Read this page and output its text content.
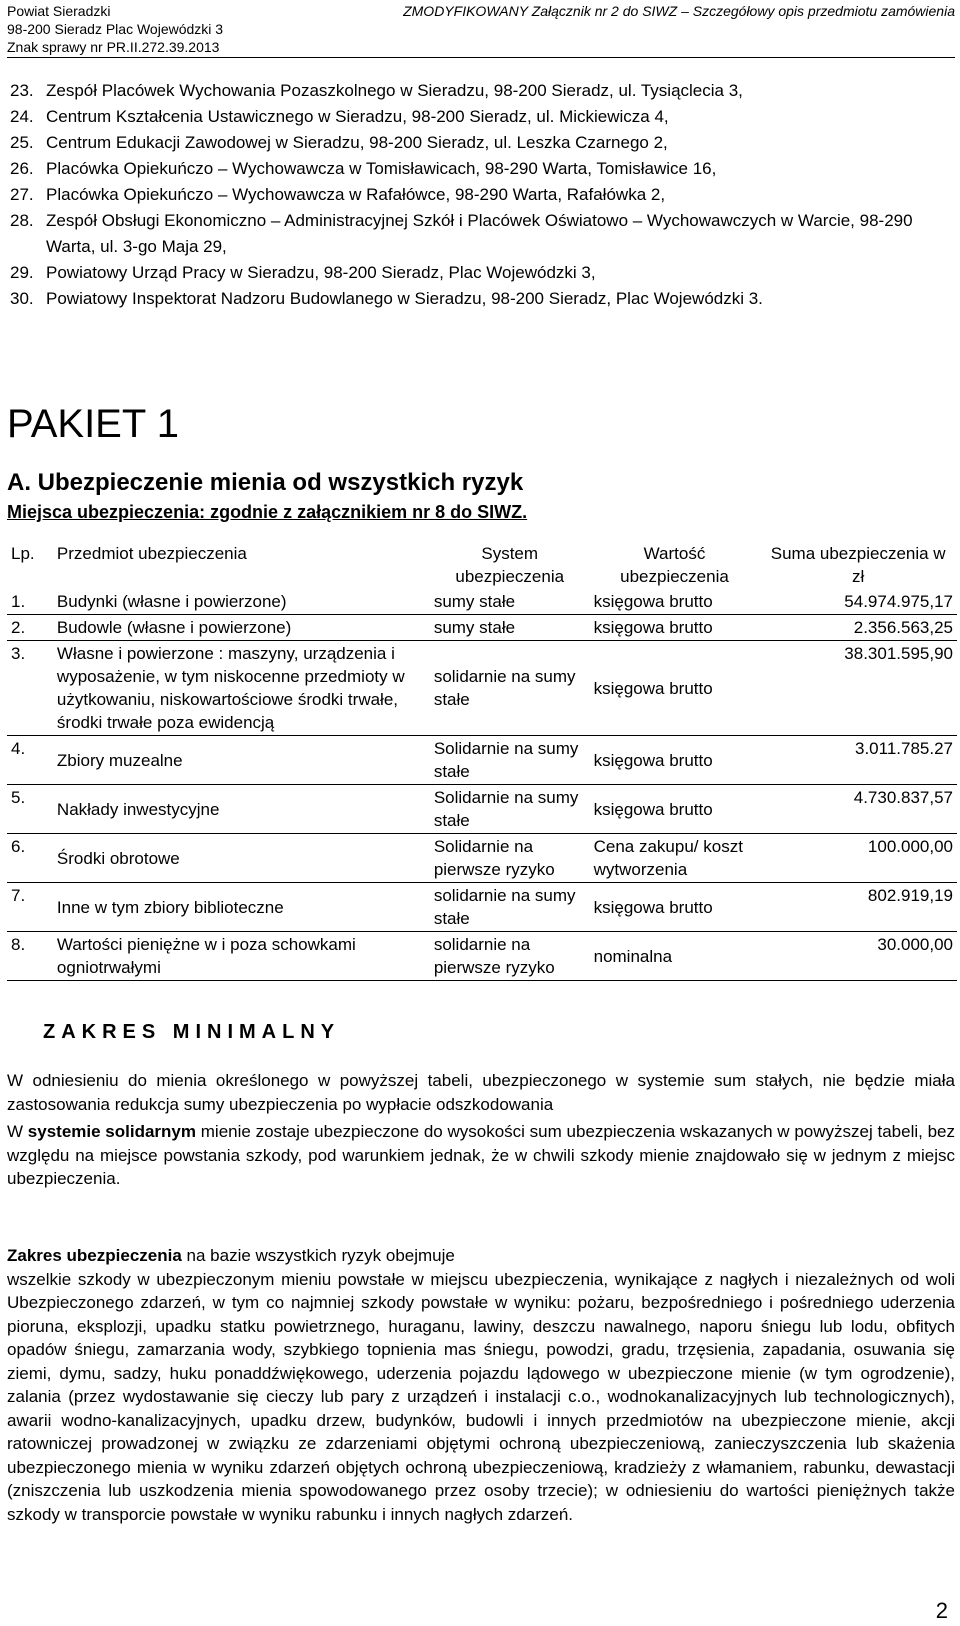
Powiat Sieradzki
98-200 Sieradz Plac Wojewódzki 3
Znak sprawy nr PR.II.272.39.2013
ZMODYFIKOWANY Załącznik nr 2 do SIWZ – Szczegółowy opis przedmiotu zamówienia
23. Zespół Placówek Wychowania Pozaszkolnego w Sieradzu, 98-200 Sieradz, ul. Tysiąclecia 3,
24. Centrum Kształcenia Ustawicznego w Sieradzu, 98-200 Sieradz, ul. Mickiewicza 4,
25. Centrum Edukacji Zawodowej w Sieradzu, 98-200 Sieradz, ul. Leszka Czarnego 2,
26. Placówka Opiekuńczo – Wychowawcza w Tomisławicach, 98-290 Warta, Tomisławice 16,
27. Placówka Opiekuńczo – Wychowawcza w Rafałówce, 98-290 Warta, Rafałówka 2,
28. Zespół Obsługi Ekonomiczno – Administracyjnej Szkół i Placówek Oświatowo – Wychowawczych w Warcie, 98-290 Warta, ul. 3-go Maja 29,
29. Powiatowy Urząd Pracy w Sieradzu, 98-200 Sieradz, Plac Wojewódzki 3,
30. Powiatowy Inspektorat Nadzoru Budowlanego w Sieradzu, 98-200 Sieradz, Plac Wojewódzki 3.
PAKIET 1
A. Ubezpieczenie mienia od wszystkich ryzyk
Miejsca ubezpieczenia: zgodnie z załącznikiem nr 8 do SIWZ.
Lp.	Przedmiot ubezpieczenia	System ubezpieczenia	Wartość ubezpieczenia	Suma ubezpieczenia w zł
1.	Budynki (własne i powierzone)	sumy stałe	księgowa brutto	54.974.975,17
2.	Budowle (własne i powierzone)	sumy stałe	księgowa brutto	2.356.563,25
3.	Własne i powierzone : maszyny, urządzenia i wyposażenie, w tym niskocenne przedmioty w użytkowaniu, niskowartościowe środki trwałe, środki trwałe poza ewidencją	solidarnie na sumy stałe	księgowa brutto	38.301.595,90
4.	Zbiory muzealne	Solidarnie na sumy stałe	księgowa brutto	3.011.785.27
5.	Nakłady inwestycyjne	Solidarnie na sumy stałe	księgowa brutto	4.730.837,57
6.	Środki obrotowe	Solidarnie na pierwsze ryzyko	Cena zakupu/ koszt wytworzenia	100.000,00
7.	Inne w tym zbiory biblioteczne	solidarnie na sumy stałe	księgowa brutto	802.919,19
8.	Wartości pieniężne w i poza schowkami ogniotrwałymi	solidarnie na pierwsze ryzyko	nominalna	30.000,00
ZAKRES MINIMALNY
W odniesieniu do mienia określonego w powyższej tabeli, ubezpieczonego w systemie sum stałych, nie będzie miała zastosowania redukcja sumy ubezpieczenia po wypłacie odszkodowania
W systemie solidarnym mienie zostaje ubezpieczone do wysokości sum ubezpieczenia wskazanych w powyższej tabeli, bez względu na miejsce powstania szkody, pod warunkiem jednak, że w chwili szkody mienie znajdowało się w jednym z miejsc ubezpieczenia.
Zakres ubezpieczenia na bazie wszystkich ryzyk obejmuje
wszelkie szkody w ubezpieczonym mieniu powstałe w miejscu ubezpieczenia, wynikające z nagłych i niezależnych od woli Ubezpieczonego zdarzeń, w tym co najmniej szkody powstałe w wyniku: pożaru, bezpośredniego i pośredniego uderzenia pioruna, eksplozji, upadku statku powietrznego, huraganu, lawiny, deszczu nawalnego, naporu śniegu lub lodu, obfitych opadów śniegu, zamarzania wody, szybkiego topnienia mas śniegu, powodzi, gradu, trzęsienia, zapadania, osuwania się ziemi, dymu, sadzy, huku ponaddźwiękowego, uderzenia pojazdu lądowego w ubezpieczone mienie (w tym ogrodzenie), zalania (przez wydostawanie się cieczy lub pary z urządzeń i instalacji c.o., wodnokanalizacyjnych lub technologicznych), awarii wodno-kanalizacyjnych, upadku drzew, budynków, budowli i innych przedmiotów na ubezpieczone mienie, akcji ratowniczej prowadzonej w związku ze zdarzeniami objętymi ochroną ubezpieczeniową, zanieczyszczenia lub skażenia ubezpieczonego mienia w wyniku zdarzeń objętych ochroną ubezpieczeniową, kradzieży z włamaniem, rabunku, dewastacji (zniszczenia lub uszkodzenia mienia spowodowanego przez osoby trzecie); w odniesieniu do wartości pieniężnych także szkody w transporcie powstałe w wyniku rabunku i innych nagłych zdarzeń.
2
